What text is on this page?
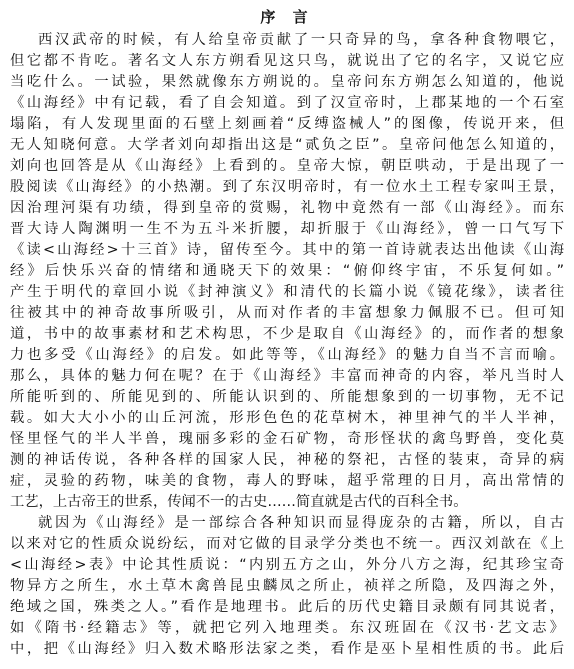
序 言
西汉武帝的时候，有人给皇帝贡献了一只奇异的鸟，拿各种食物喂它，
但它都不肯吃。著名文人东方朔看见这只鸟，就说出了它的名字，又说它应
当吃什么。一试验，果然就像东方朔说的。皇帝问东方朔怎么知道的，他说
《山海经》中有记载，看了自会知道。到了汉宣帝时，上郡某地的一个石室
塌陷，有人发现里面的石壁上刻画着“反缚盗械人”的图像，传说开来，但
无人知晓何意。大学者刘向却指出这是“贰负之臣”。皇帝问他怎么知道的，
刘向也回答是从《山海经》上看到的。皇帝大惊，朝臣哄动，于是出现了一
股阅读《山海经》的小热潮。到了东汉明帝时，有一位水土工程专家叫王景，
因治理河渠有功绩，得到皇帝的赏赐，礼物中竟然有一部《山海经》。而东
晋大诗人陶渊明一生不为五斗米折腰，却折服于《山海经》，曾一口气写下
《读<山海经>十三首》诗，留传至今。其中的第一首诗就表达出他读《山海
经》后快乐兴奋的情绪和通晓天下的效果：“俯仰终宇宙，不乐复何如。”
产生于明代的章回小说《封神演义》和清代的长篇小说《镜花缘》，读者往
往被其中的神奇故事所吸引，从而对作者的丰富想象力佩服不已。但可知
道，书中的故事素材和艺术构思，不少是取自《山海经》的，而作者的想象
力也多受《山海经》的启发。如此等等，《山海经》的魅力自当不言而喻。
那么，具体的魅力何在呢？在于《山海经》丰富而神奇的内容，举凡当时人
所能听到的、所能见到的、所能认识到的、所能想象到的一切事物，无不记
载。如大大小小的山丘河流，形形色色的花草树木，神里神气的半人半神，
怪里怪气的半人半兽，瑰丽多彩的金石矿物，奇形怪状的禽鸟野兽，变化莫
测的神话传说，各种各样的国家人民，神秘的祭祀，古怪的装束，奇异的病
症，灵验的药物，味美的食物，毒人的野味，超乎常理的日月，高出常情的
工艺，上古帝王的世系，传闻不一的古史……简直就是古代的百科全书。
就因为《山海经》是一部综合各种知识而显得庞杂的古籍，所以，自古
以来对它的性质众说纷纭，而对它做的目录学分类也不统一。西汉刘歆在《上
<山海经>表》中论其性质说：“内别五方之山，外分八方之海，纪其珍宝奇
物异方之所生，水土草木禽兽昆虫麟凤之所止，祯祥之所隐，及四海之外，
绝域之国，殊类之人。”看作是地理书。此后的历代史籍目录颇有同其说者，
如《隋书·经籍志》等，就把它列入地理类。东汉班固在《汉书·艺文志》
中，把《山海经》归入数术略形法家之类，看作是巫卜星相性质的书。此后
